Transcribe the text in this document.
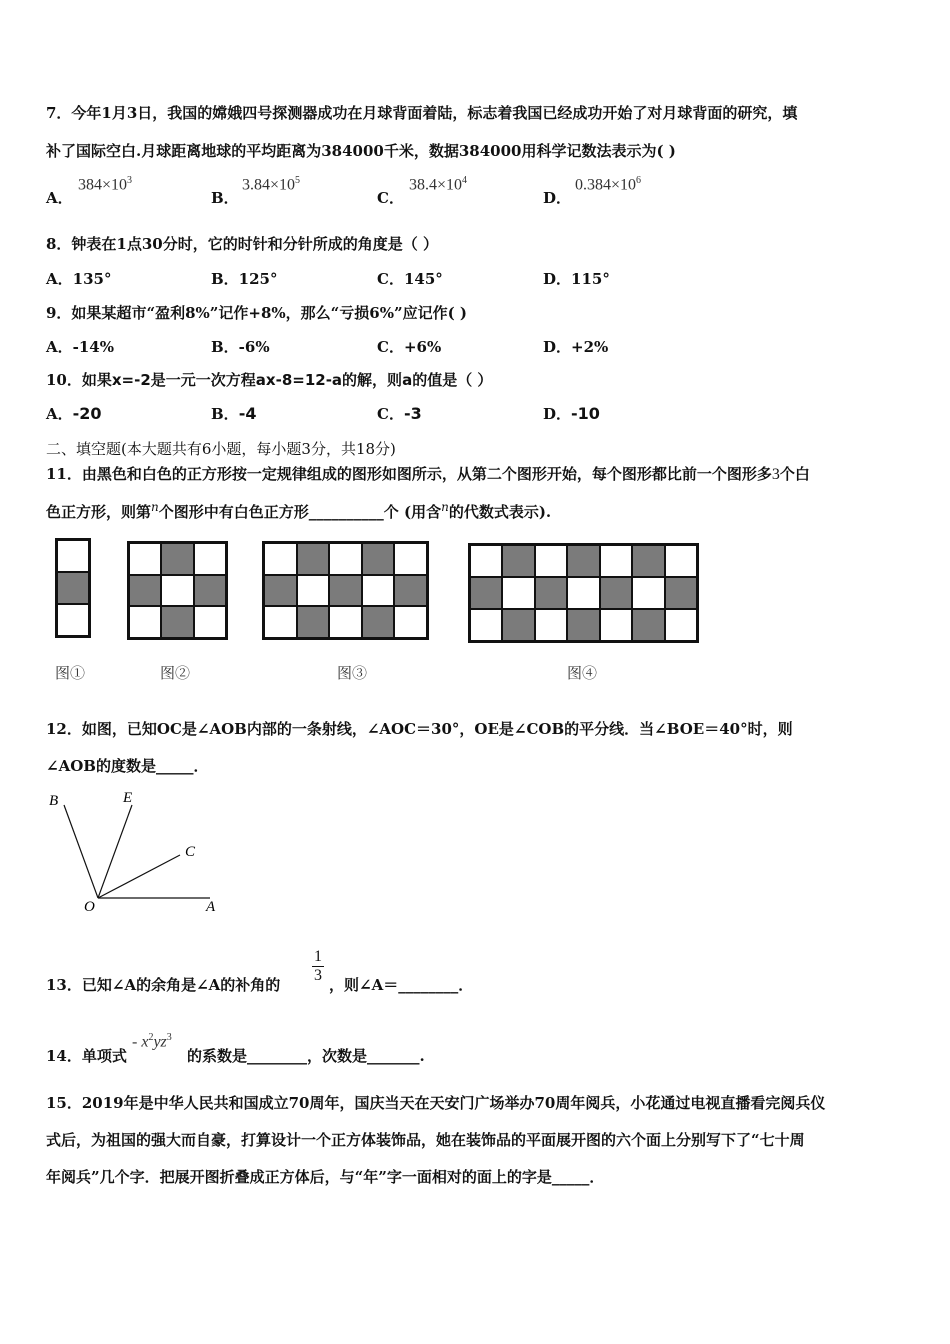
7．今年1月3日，我国的嫦娥四号探测器成功在月球背面着陆，标志着我国已经成功开始了对月球背面的研究，填
补了国际空白.月球距离地球的平均距离为384000千米，数据384000用科学记数法表示为( )
A．
$384\times 10^3$
B．
$3.84\times 10^5$
C．
$38.4\times 10^4$
D．
$0.384\times 10^6$
8．钟表在1点30分时，它的时针和分针所成的角度是（ ）
A．135°	B．125°	C．145°	D．115°
9．如果某超市“盈利8%”记作+8%，那么“亏损6%”应记作( )
A．-14%	B．-6%	C．+6%	D．+2%
10．如果x=-2是一元一次方程ax-8=12-a的解，则a的值是（ ）
A．-20	B．-4	C．-3	D．-10
二、填空题(本大题共有6小题，每小题3分，共18分)
11．由黑色和白色的正方形按一定规律组成的图形如图所示，从第二个图形开始，每个图形都比前一个图形多3个白
色正方形，则第$^n$个图形中有白色正方形__________个 (用含$^n$的代数式表示).
图①	图②	图③	图④
12．如图，已知OC是∠AOB内部的一条射线，∠AOC＝30°，OE是∠COB的平分线．当∠BOE＝40°时，则
∠AOB的度数是_____．
B	E
C
O	A
13．已知∠A的余角是∠A的补角的 $\frac{1}{3}$ ，则∠A＝________．
14．单项式
- $x^2yz^3$
的系数是________，次数是_______.
15．2019年是中华人民共和国成立70周年，国庆当天在天安门广场举办70周年阅兵，小花通过电视直播看完阅兵仪
式后，为祖国的强大而自豪，打算设计一个正方体装饰品，她在装饰品的平面展开图的六个面上分别写下了“七十周
年阅兵”几个字．把展开图折叠成正方体后，与“年”字一面相对的面上的字是_____．
